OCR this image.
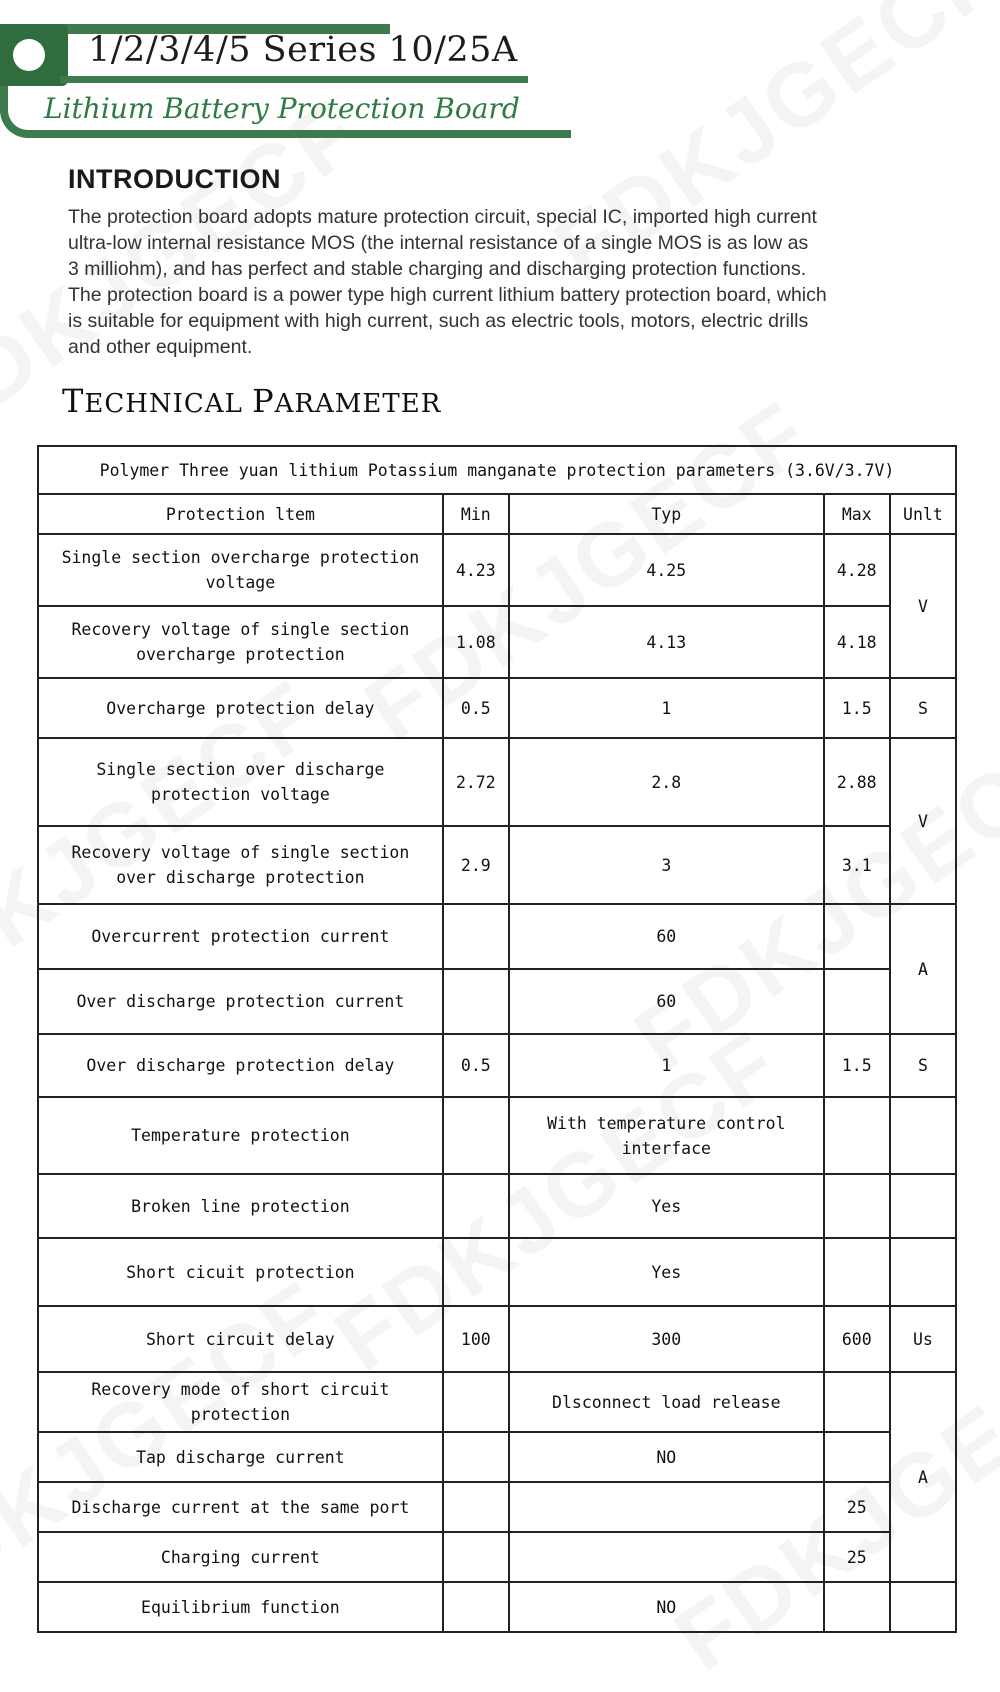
1/2/3/4/5 Series 10/25A
Lithium Battery Protection Board
INTRODUCTION
The protection board adopts mature protection circuit, special IC, imported high current
ultra-low internal resistance MOS (the internal resistance of a single MOS is as low as
3 milliohm), and has perfect and stable charging and discharging protection functions.
The protection board is a power type high current lithium battery protection board, which
is suitable for equipment with high current, such as electric tools, motors, electric drills
and other equipment.
TECHNICAL PARAMETER
Polymer Three yuan lithium Potassium manganate protection parameters (3.6V/3.7V)				
Protection ltem	Min	Typ	Max	Unlt
Single section overcharge protection voltage	4.23	4.25	4.28	V
Recovery voltage of single section overcharge protection	1.08	4.13	4.18	
Overcharge protection delay	0.5	1	1.5	S
Single section over discharge protection voltage	2.72	2.8	2.88	V
Recovery voltage of single section over discharge protection	2.9	3	3.1	
Overcurrent protection current		60		A
Over discharge protection current		60		
Over discharge protection delay	0.5	1	1.5	S
Temperature protection		With temperature control interface		
Broken line protection		Yes		
Short cicuit protection		Yes		
Short circuit delay	100	300	600	Us
Recovery mode of short circuit protection		Dlsconnect load release		A
Tap discharge current		NO		
Discharge current at the same port			25	
Charging current			25	
Equilibrium function		NO		
